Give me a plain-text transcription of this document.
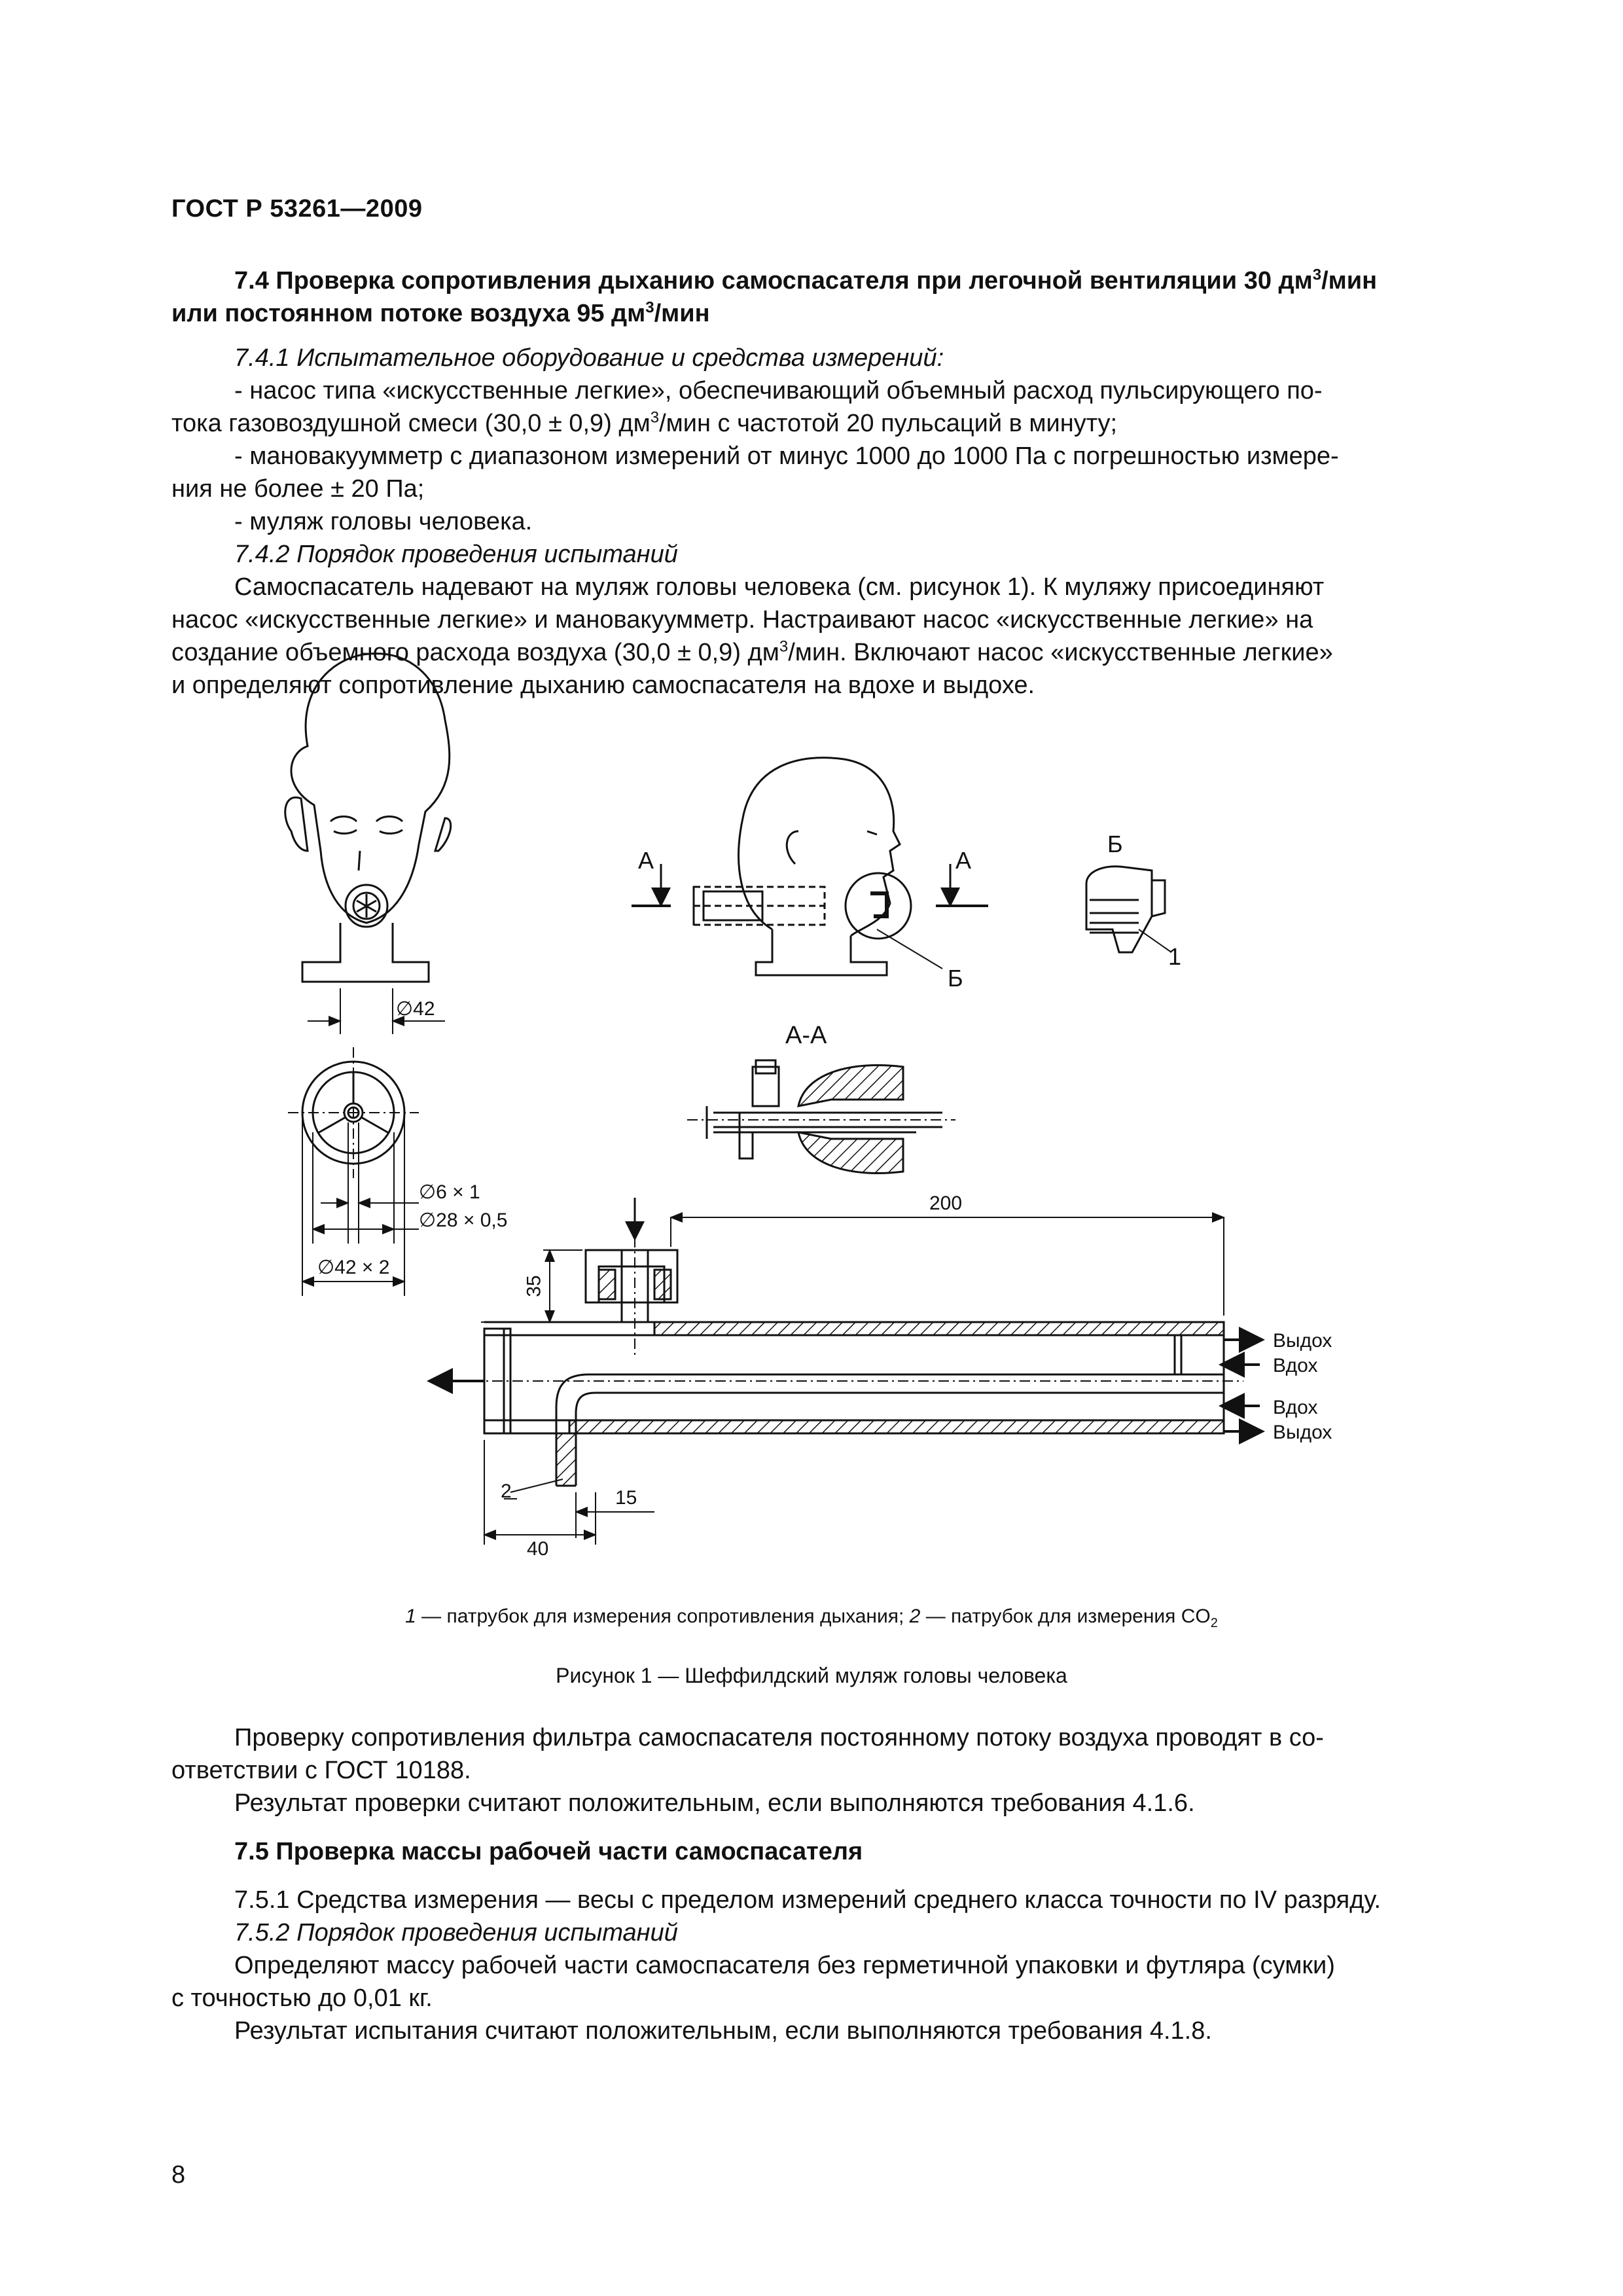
ГОСТ Р 53261—2009
7.4 Проверка сопротивления дыханию самоспасателя при легочной вентиляции 30 $дм^3$/мин
или постоянном потоке воздуха 95 $дм^3$/мин
7.4.1 Испытательное оборудование и средства измерений:
- насос типа «искусственные легкие», обеспечивающий объемный расход пульсирующего по-
тока газовоздушной смеси (30,0 ± 0,9) $дм^3$/мин с частотой 20 пульсаций в минуту;
- мановакуумметр с диапазоном измерений от минус 1000 до 1000 Па с погрешностью измере-
ния не более ± 20 Па;
- муляж головы человека.
7.4.2 Порядок проведения испытаний
Самоспасатель надевают на муляж головы человека (см. рисунок 1). К муляжу присоединяют
насос «искусственные легкие» и мановакуумметр. Настраивают насос «искусственные легкие» на
создание объемного расхода воздуха (30,0 ± 0,9) $дм^3$/мин. Включают насос «искусственные легкие»
и определяют сопротивление дыханию самоспасателя на вдохе и выдохе.
А	А
Б
Б
1
А-А
∅42
∅6 × 1
∅28 × 0,5
∅42 × 2
200
35
15
40
2
Выдох
Вдох
Вдох
Выдох
1 — патрубок для измерения сопротивления дыхания; 2 — патрубок для измерения $CO_2$
Рисунок 1 — Шеффилдский муляж головы человека
Проверку сопротивления фильтра самоспасателя постоянному потоку воздуха проводят в со-
ответствии с ГОСТ 10188.
Результат проверки считают положительным, если выполняются требования 4.1.6.
7.5 Проверка массы рабочей части самоспасателя
7.5.1 Средства измерения — весы с пределом измерений среднего класса точности по IV разряду.
7.5.2 Порядок проведения испытаний
Определяют массу рабочей части самоспасателя без герметичной упаковки и футляра (сумки)
с точностью до 0,01 кг.
Результат испытания считают положительным, если выполняются требования 4.1.8.
8
